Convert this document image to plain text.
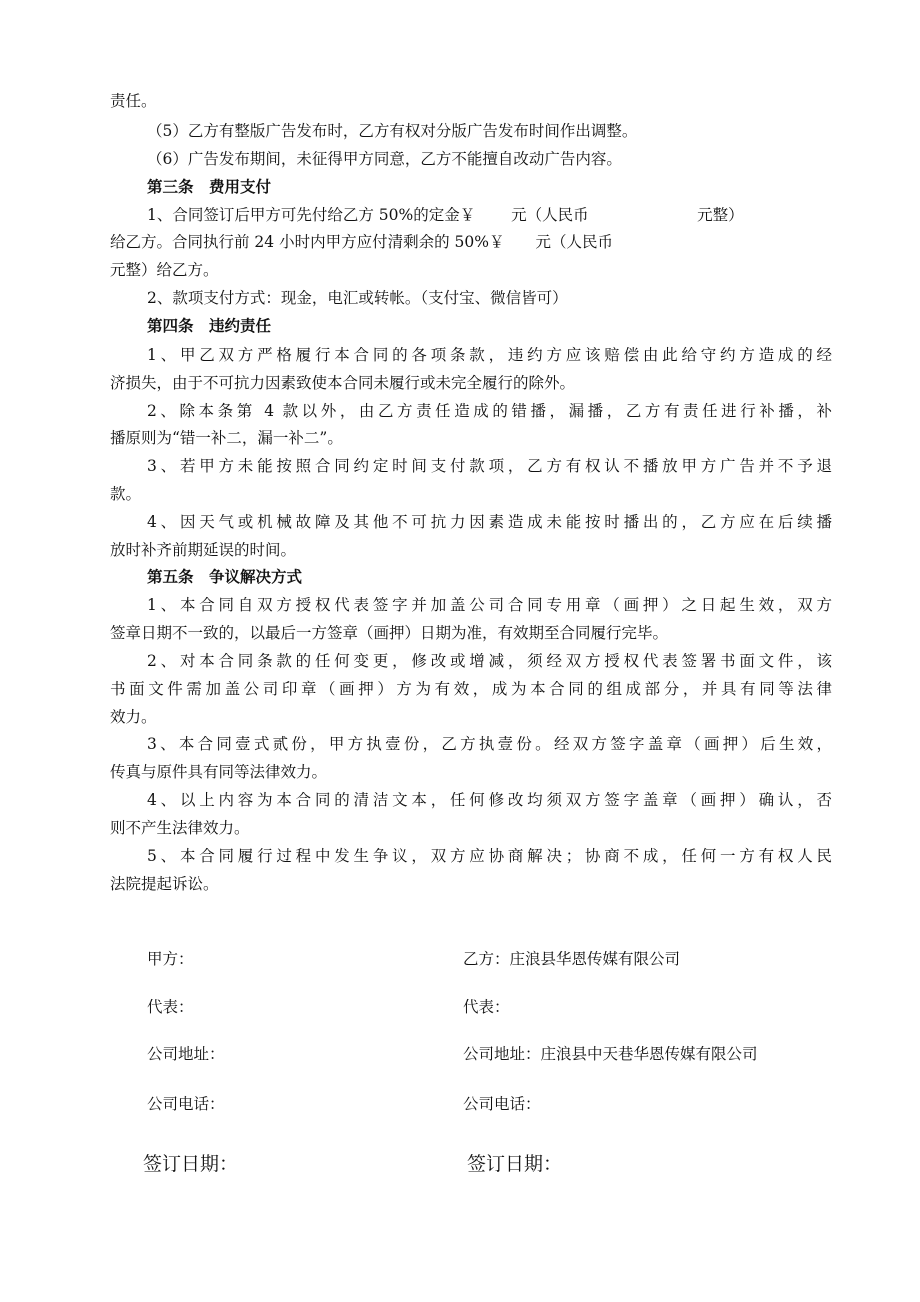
责任。
（5）乙方有整版广告发布时，乙方有权对分版广告发布时间作出调整。
（6）广告发布期间，未征得甲方同意，乙方不能擅自改动广告内容。
第三条　费用支付
1、合同签订后甲方可先付给乙方 50%的定金￥　　 元（人民币　　　　　　　元整）
给乙方。合同执行前 24 小时内甲方应付清剩余的 50%￥　　元（人民币
元整）给乙方。
2、款项支付方式：现金，电汇或转帐。（支付宝、微信皆可）
第四条　违约责任
1、甲乙双方严格履行本合同的各项条款，违约方应该赔偿由此给守约方造成的经
济损失，由于不可抗力因素致使本合同未履行或未完全履行的除外。
2、除本条第 4 款以外，由乙方责任造成的错播，漏播，乙方有责任进行补播，补
播原则为“错一补二，漏一补二”。
3、若甲方未能按照合同约定时间支付款项，乙方有权认不播放甲方广告并不予退
款。
4、因天气或机械故障及其他不可抗力因素造成未能按时播出的，乙方应在后续播
放时补齐前期延误的时间。
第五条　争议解决方式
1、本合同自双方授权代表签字并加盖公司合同专用章（画押）之日起生效，双方
签章日期不一致的，以最后一方签章（画押）日期为准，有效期至合同履行完毕。
2、对本合同条款的任何变更，修改或增减，须经双方授权代表签署书面文件，该
书面文件需加盖公司印章（画押）方为有效，成为本合同的组成部分，并具有同等法律
效力。
3、本合同壹式贰份，甲方执壹份，乙方执壹份。经双方签字盖章（画押）后生效，
传真与原件具有同等法律效力。
4、以上内容为本合同的清洁文本，任何修改均须双方签字盖章（画押）确认，否
则不产生法律效力。
5、本合同履行过程中发生争议，双方应协商解决；协商不成，任何一方有权人民
法院提起诉讼。
甲方：
代表：
公司地址：
公司电话：
签订日期：
乙方：庄浪县华恩传媒有限公司
代表：
公司地址：庄浪县中天巷华恩传媒有限公司
公司电话：
签订日期：
